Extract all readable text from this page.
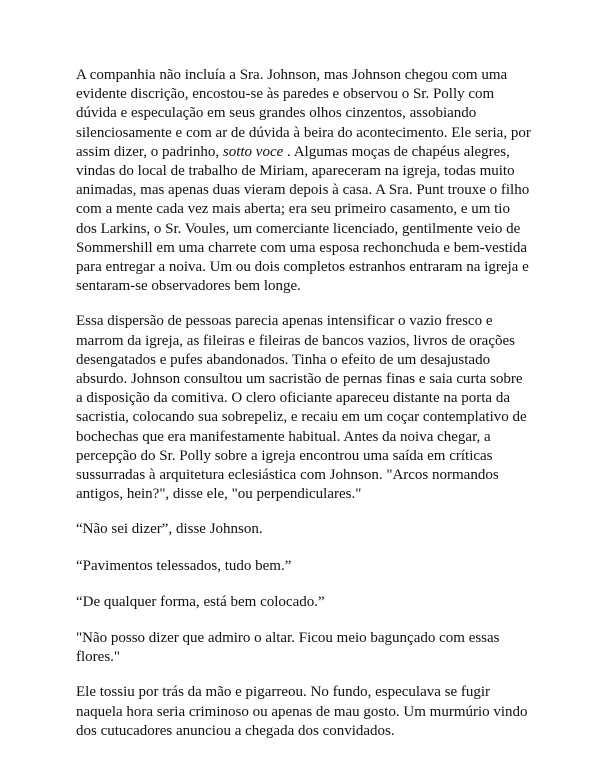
A companhia não incluía a Sra. Johnson, mas Johnson chegou com uma evidente discrição, encostou-se às paredes e observou o Sr. Polly com dúvida e especulação em seus grandes olhos cinzentos, assobiando silenciosamente e com ar de dúvida à beira do acontecimento. Ele seria, por assim dizer, o padrinho, sotto voce . Algumas moças de chapéus alegres, vindas do local de trabalho de Miriam, apareceram na igreja, todas muito animadas, mas apenas duas vieram depois à casa. A Sra. Punt trouxe o filho com a mente cada vez mais aberta; era seu primeiro casamento, e um tio dos Larkins, o Sr. Voules, um comerciante licenciado, gentilmente veio de Sommershill em uma charrete com uma esposa rechonchuda e bem-vestida para entregar a noiva. Um ou dois completos estranhos entraram na igreja e sentaram-se observadores bem longe.

Essa dispersão de pessoas parecia apenas intensificar o vazio fresco e marrom da igreja, as fileiras e fileiras de bancos vazios, livros de orações desengatados e pufes abandonados. Tinha o efeito de um desajustado absurdo. Johnson consultou um sacristão de pernas finas e saia curta sobre a disposição da comitiva. O clero oficiante apareceu distante na porta da sacristia, colocando sua sobrepeliz, e recaiu em um coçar contemplativo de bochechas que era manifestamente habitual. Antes da noiva chegar, a percepção do Sr. Polly sobre a igreja encontrou uma saída em críticas sussurradas à arquitetura eclesiástica com Johnson. "Arcos normandos antigos, hein?", disse ele, "ou perpendiculares."

“Não sei dizer”, disse Johnson.

“Pavimentos telessados, tudo bem.”

“De qualquer forma, está bem colocado.”

"Não posso dizer que admiro o altar. Ficou meio bagunçado com essas flores."

Ele tossiu por trás da mão e pigarreou. No fundo, especulava se fugir naquela hora seria criminoso ou apenas de mau gosto. Um murmúrio vindo dos cutucadores anunciou a chegada dos convidados.
